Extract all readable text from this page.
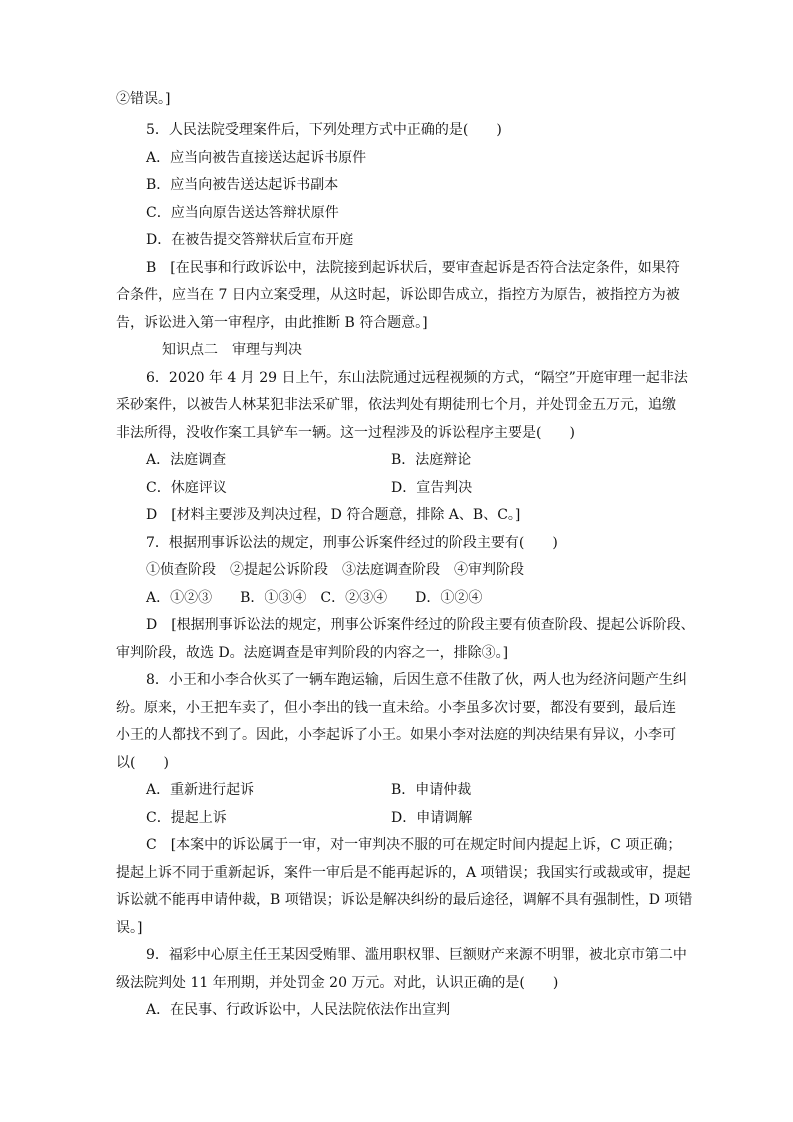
②错误。]
5．人民法院受理案件后，下列处理方式中正确的是(　　)
A．应当向被告直接送达起诉书原件
B．应当向被告送达起诉书副本
C．应当向原告送达答辩状原件
D．在被告提交答辩状后宣布开庭
B　[在民事和行政诉讼中，法院接到起诉状后，要审查起诉是否符合法定条件，如果符
合条件，应当在 7 日内立案受理，从这时起，诉讼即告成立，指控方为原告，被指控方为被
告，诉讼进入第一审程序，由此推断 B 符合题意。]
知识点二　审理与判决
6．2020 年 4 月 29 日上午，东山法院通过远程视频的方式，“隔空”开庭审理一起非法
采砂案件，以被告人林某犯非法采矿罪，依法判处有期徒刑七个月，并处罚金五万元，追缴
非法所得，没收作案工具铲车一辆。这一过程涉及的诉讼程序主要是(　　)
A．法庭调查	B．法庭辩论
C．休庭评议	D．宣告判决
D　[材料主要涉及判决过程，D 符合题意，排除 A、B、C。]
7．根据刑事诉讼法的规定，刑事公诉案件经过的阶段主要有(　　)
①侦查阶段　②提起公诉阶段　③法庭调查阶段　④审判阶段
A．①②③　　B．①③④　C．②③④　　D．①②④
D　[根据刑事诉讼法的规定，刑事公诉案件经过的阶段主要有侦查阶段、提起公诉阶段、
审判阶段，故选 D。法庭调查是审判阶段的内容之一，排除③。]
8．小王和小李合伙买了一辆车跑运输，后因生意不佳散了伙，两人也为经济问题产生纠
纷。原来，小王把车卖了，但小李出的钱一直未给。小李虽多次讨要，都没有要到，最后连
小王的人都找不到了。因此，小李起诉了小王。如果小李对法庭的判决结果有异议，小李可
以(　　)
A．重新进行起诉	B．申请仲裁
C．提起上诉	D．申请调解
C　[本案中的诉讼属于一审，对一审判决不服的可在规定时间内提起上诉，C 项正确；
提起上诉不同于重新起诉，案件一审后是不能再起诉的，A 项错误；我国实行或裁或审，提起
诉讼就不能再申请仲裁，B 项错误；诉讼是解决纠纷的最后途径，调解不具有强制性，D 项错
误。]
9．福彩中心原主任王某因受贿罪、滥用职权罪、巨额财产来源不明罪，被北京市第二中
级法院判处 11 年刑期，并处罚金 20 万元。对此，认识正确的是(　　)
A．在民事、行政诉讼中，人民法院依法作出宣判
